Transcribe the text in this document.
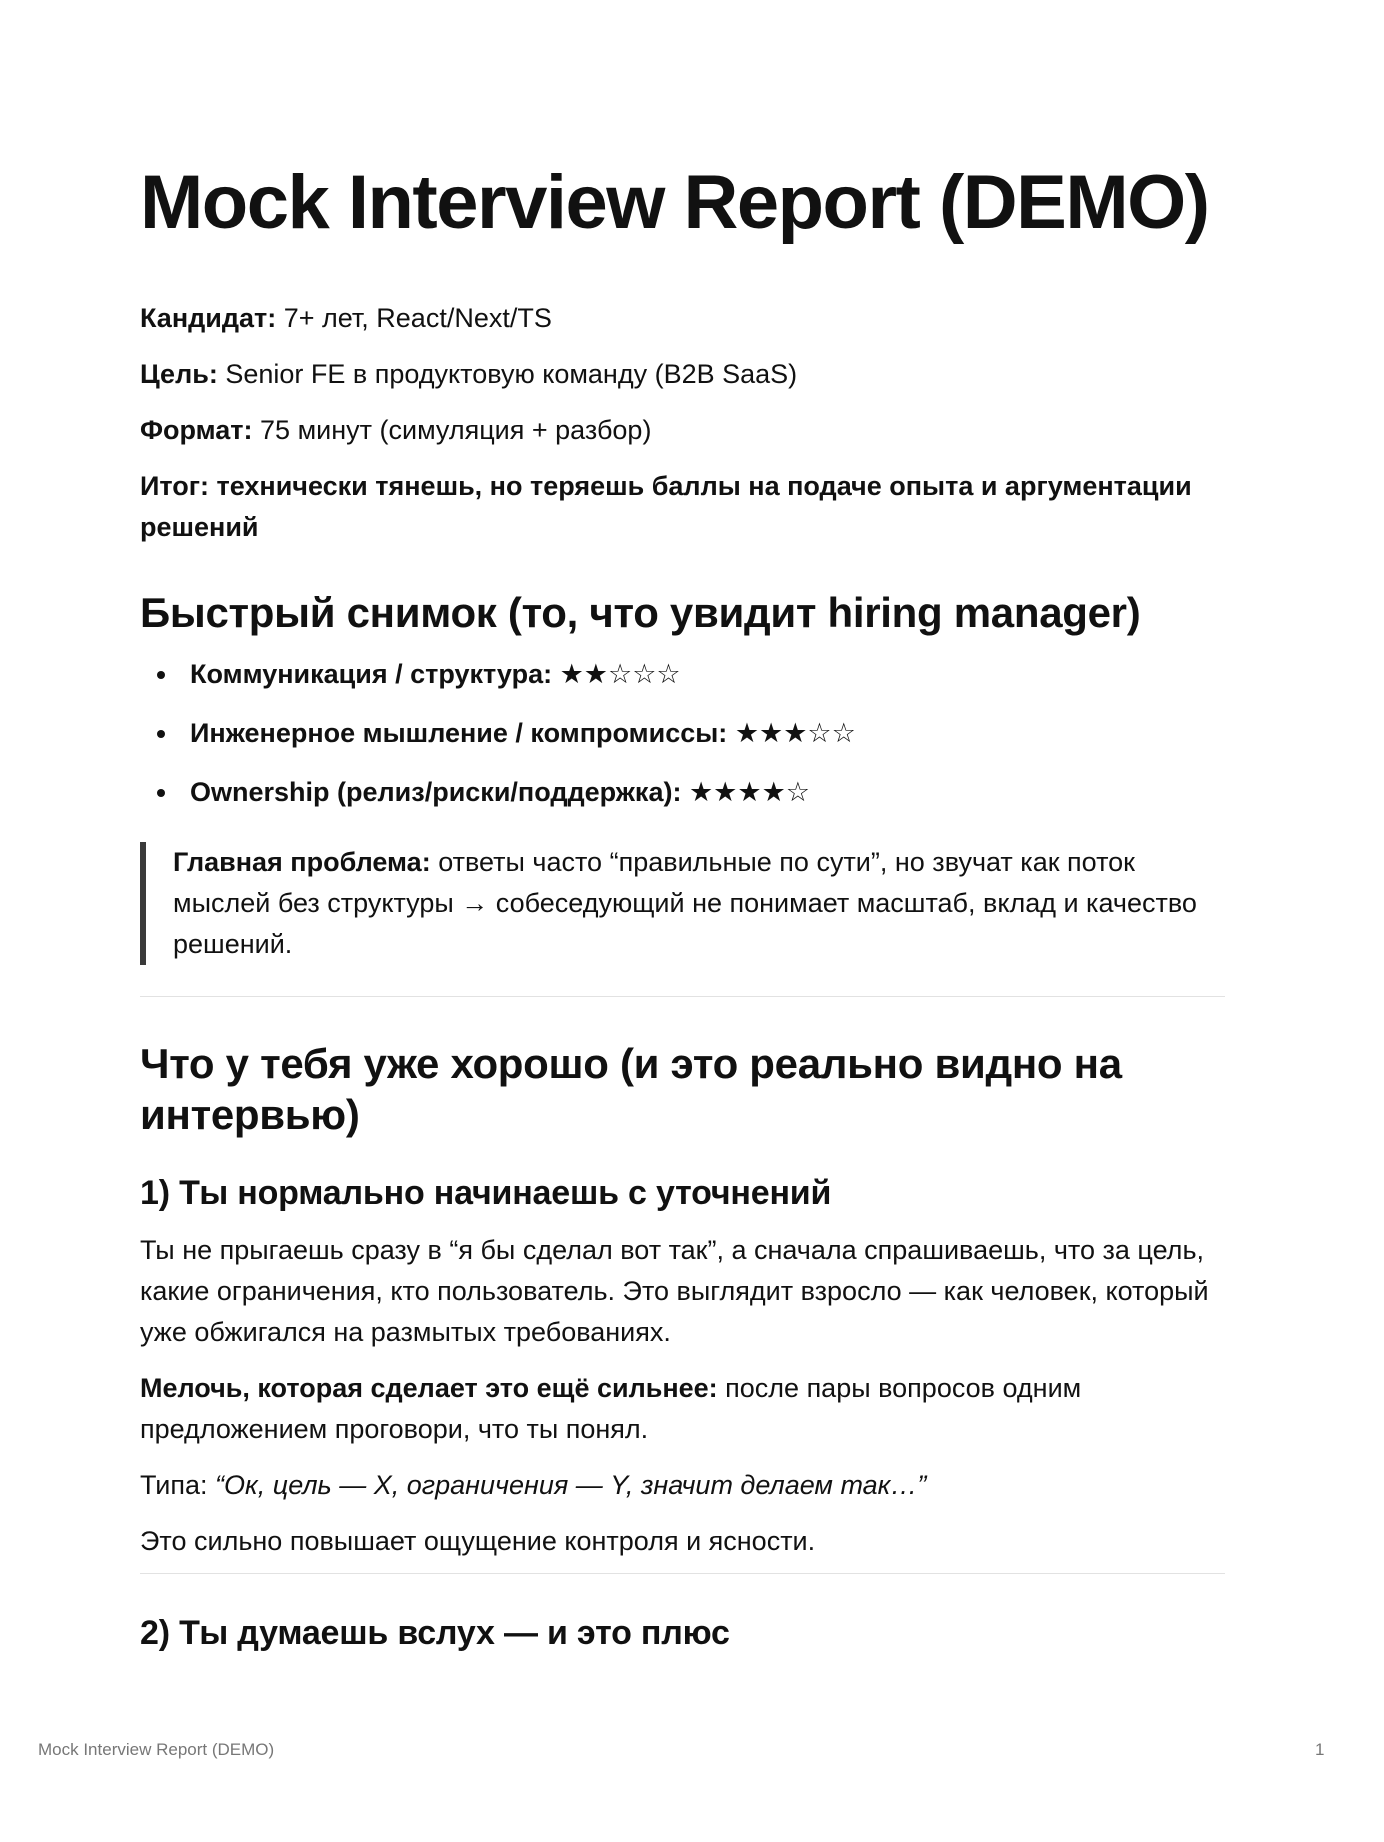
Mock Interview Report (DEMO)

Кандидат: 7+ лет, React/Next/TS

Цель: Senior FE в продуктовую команду (B2B SaaS)

Формат: 75 минут (симуляция + разбор)

Итог: технически тянешь, но теряешь баллы на подаче опыта и аргументации решений

Быстрый снимок (то, что увидит hiring manager)
Коммуникация / структура: ★★☆☆☆
Инженерное мышление / компромиссы: ★★★☆☆
Ownership (релиз/риски/поддержка): ★★★★☆
Главная проблема: ответы часто “правильные по сути”, но звучат как поток мыслей без структуры → собеседующий не понимает масштаб, вклад и качество решений.
Что у тебя уже хорошо (и это реально видно на интервью)
1) Ты нормально начинаешь с уточнений

Ты не прыгаешь сразу в “я бы сделал вот так”, а сначала спрашиваешь, что за цель, какие ограничения, кто пользователь. Это выглядит взросло — как человек, который уже обжигался на размытых требованиях.

Мелочь, которая сделает это ещё сильнее: после пары вопросов одним предложением проговори, что ты понял.

Типа: “Ок, цель — X, ограничения — Y, значит делаем так…”

Это сильно повышает ощущение контроля и ясности.

2) Ты думаешь вслух — и это плюс
Mock Interview Report (DEMO)	1
